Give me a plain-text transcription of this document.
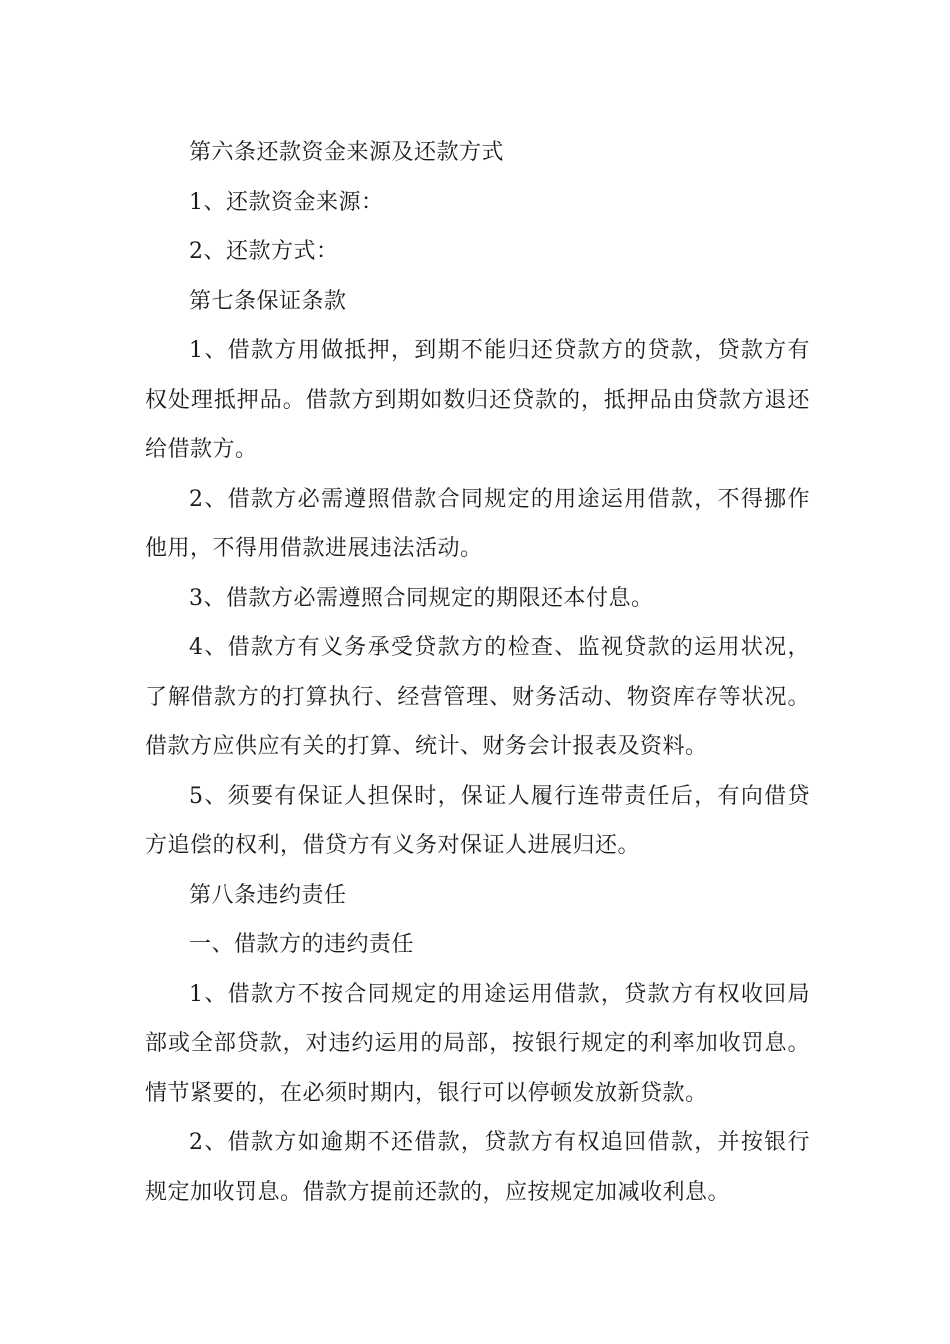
第六条还款资金来源及还款方式

1、还款资金来源：

2、还款方式：

第七条保证条款

1、借款方用做抵押，到期不能归还贷款方的贷款，贷款方有权处理抵押品。借款方到期如数归还贷款的，抵押品由贷款方退还给借款方。

2、借款方必需遵照借款合同规定的用途运用借款，不得挪作他用，不得用借款进展违法活动。

3、借款方必需遵照合同规定的期限还本付息。

4、借款方有义务承受贷款方的检查、监视贷款的运用状况，了解借款方的打算执行、经营管理、财务活动、物资库存等状况。借款方应供应有关的打算、统计、财务会计报表及资料。

5、须要有保证人担保时，保证人履行连带责任后，有向借贷方追偿的权利，借贷方有义务对保证人进展归还。

第八条违约责任

一、借款方的违约责任

1、借款方不按合同规定的用途运用借款，贷款方有权收回局部或全部贷款，对违约运用的局部，按银行规定的利率加收罚息。情节紧要的，在必须时期内，银行可以停顿发放新贷款。

2、借款方如逾期不还借款，贷款方有权追回借款，并按银行规定加收罚息。借款方提前还款的，应按规定加减收利息。
